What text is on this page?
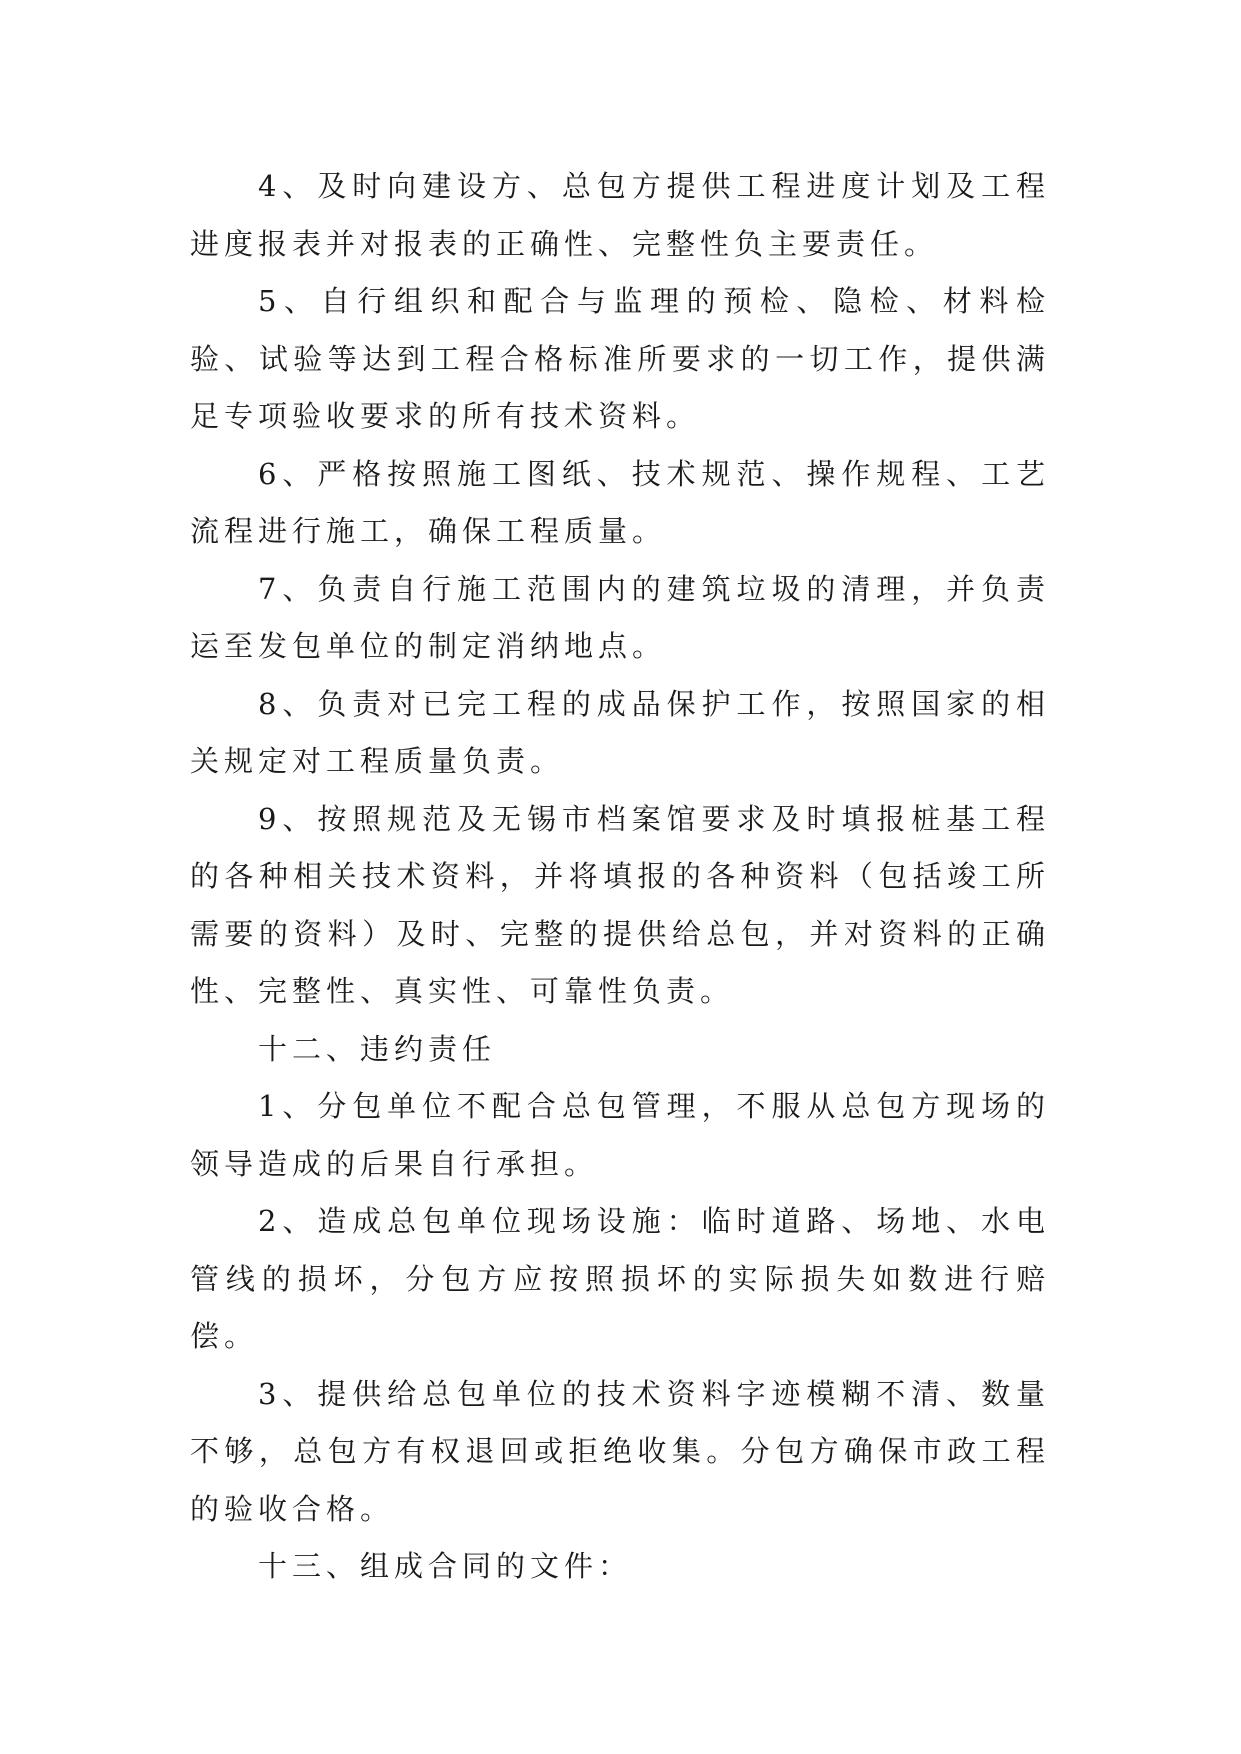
4、及时向建设方、总包方提供工程进度计划及工程进度报表并对报表的正确性、完整性负主要责任。

5、自行组织和配合与监理的预检、隐检、材料检验、试验等达到工程合格标准所要求的一切工作，提供满足专项验收要求的所有技术资料。

6、严格按照施工图纸、技术规范、操作规程、工艺流程进行施工，确保工程质量。

7、负责自行施工范围内的建筑垃圾的清理，并负责运至发包单位的制定消纳地点。

8、负责对已完工程的成品保护工作，按照国家的相关规定对工程质量负责。

9、按照规范及无锡市档案馆要求及时填报桩基工程的各种相关技术资料，并将填报的各种资料（包括竣工所需要的资料）及时、完整的提供给总包，并对资料的正确性、完整性、真实性、可靠性负责。

十二、违约责任

1、分包单位不配合总包管理，不服从总包方现场的领导造成的后果自行承担。

2、造成总包单位现场设施：临时道路、场地、水电管线的损坏，分包方应按照损坏的实际损失如数进行赔偿。

3、提供给总包单位的技术资料字迹模糊不清、数量不够，总包方有权退回或拒绝收集。分包方确保市政工程的验收合格。

十三、组成合同的文件：
